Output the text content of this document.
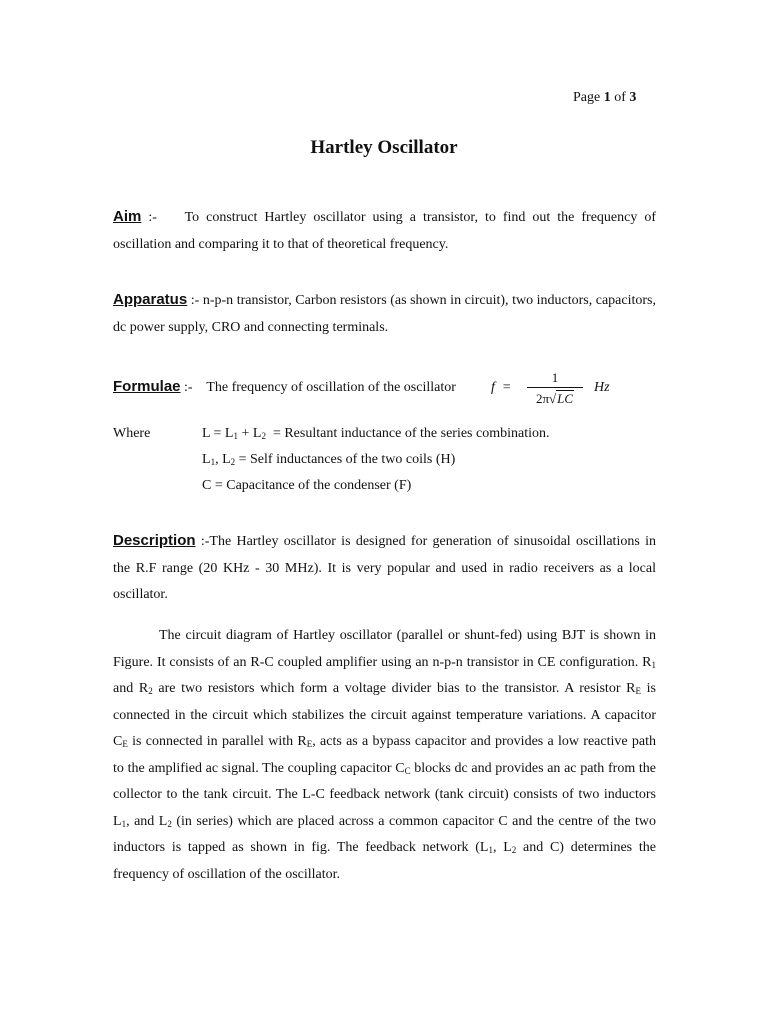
Page 1 of 3
Hartley Oscillator

Aim :-    To construct Hartley oscillator using a transistor, to find out the frequency of oscillation and comparing it to that of theoretical frequency.

Apparatus :- n-p-n transistor, Carbon resistors (as shown in circuit), two inductors, capacitors, dc power supply, CRO and connecting terminals.

Formulae :-    The frequency of oscillation of the oscillator	f  =
1
2π√LC
Hz
Where	$L = L_1 + L_2$  = Resultant inductance of the series combination.
$L_1$, $L_2$ = Self inductances of the two coils (H)
C = Capacitance of the condenser (F)

Description :-The Hartley oscillator is designed for generation of sinusoidal oscillations in the R.F range (20 KHz - 30 MHz). It is very popular and used in radio receivers as a local oscillator.

The circuit diagram of Hartley oscillator (parallel or shunt-fed) using BJT is shown in Figure. It consists of an R-C coupled amplifier using an n-p-n transistor in CE configuration. $R_1$ and $R_2$ are two resistors which form a voltage divider bias to the transistor. A resistor $R_E$ is connected in the circuit which stabilizes the circuit against temperature variations. A capacitor $C_E$ is connected in parallel with $R_E$, acts as a bypass capacitor and provides a low reactive path to the amplified ac signal. The coupling capacitor $C_C$ blocks dc and provides an ac path from the collector to the tank circuit. The L-C feedback network (tank circuit) consists of two inductors $L_1$, and $L_2$ (in series) which are placed across a common capacitor C and the centre of the two inductors is tapped as shown in fig. The feedback network ($L_1$, $L_2$ and C) determines the frequency of oscillation of the oscillator.
